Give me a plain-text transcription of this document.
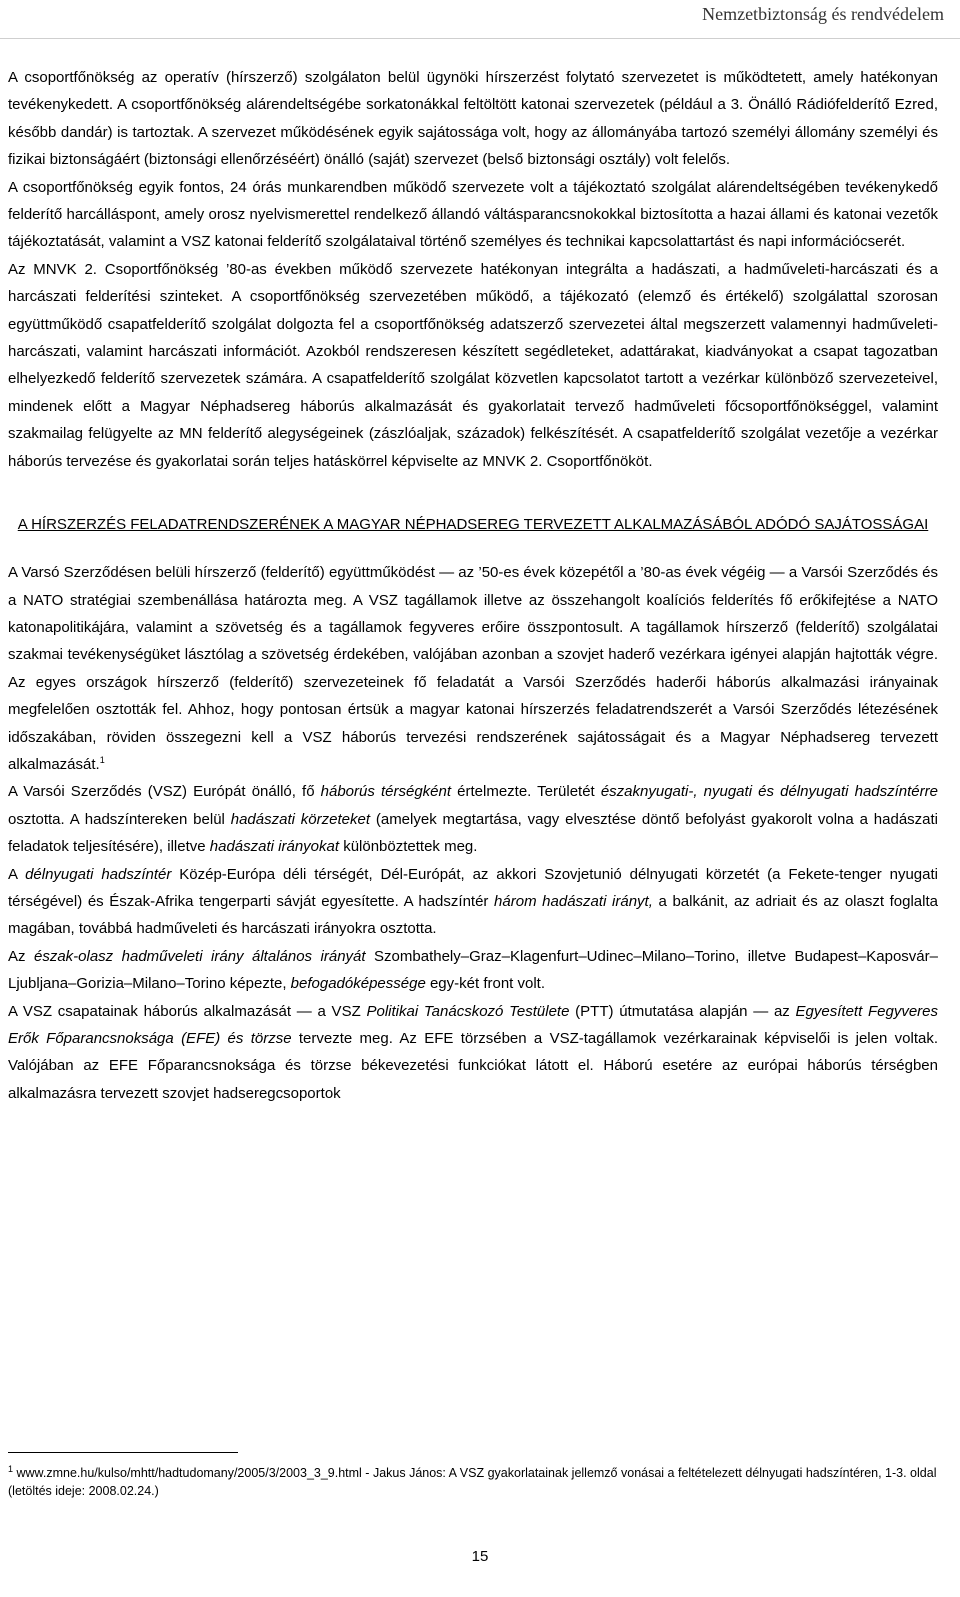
Nemzetbiztonság és rendvédelem

A csoportfőnökség az operatív (hírszerző) szolgálaton belül ügynöki hírszerzést folytató szervezetet is működtetett, amely hatékonyan tevékenykedett. A csoportfőnökség alárendeltségébe sorkatonákkal feltöltött katonai szervezetek (például a 3. Önálló Rádiófelderítő Ezred, később dandár) is tartoztak. A szervezet működésének egyik sajátossága volt, hogy az állományába tartozó személyi állomány személyi és fizikai biztonságáért (biztonsági ellenőrzéséért) önálló (saját) szervezet (belső biztonsági osztály) volt felelős.

A csoportfőnökség egyik fontos, 24 órás munkarendben működő szervezete volt a tájékoztató szolgálat alárendeltségében tevékenykedő felderítő harcálláspont, amely orosz nyelvismerettel rendelkező állandó váltásparancsnokokkal biztosította a hazai állami és katonai vezetők tájékoztatását, valamint a VSZ katonai felderítő szolgálataival történő személyes és technikai kapcsolattartást és napi információcserét.

Az MNVK 2. Csoportfőnökség ’80-as években működő szervezete hatékonyan integrálta a hadászati, a hadműveleti-harcászati és a harcászati felderítési szinteket. A csoportfőnökség szervezetében működő, a tájékozató (elemző és értékelő) szolgálattal szorosan együttműködő csapatfelderítő szolgálat dolgozta fel a csoportfőnökség adatszerző szervezetei által megszerzett valamennyi hadműveleti-harcászati, valamint harcászati információt. Azokból rendszeresen készített segédleteket, adattárakat, kiadványokat a csapat tagozatban elhelyezkedő felderítő szervezetek számára. A csapatfelderítő szolgálat közvetlen kapcsolatot tartott a vezérkar különböző szervezeteivel, mindenek előtt a Magyar Néphadsereg háborús alkalmazását és gyakorlatait tervező hadműveleti főcsoportfőnökséggel, valamint szakmailag felügyelte az MN felderítő alegységeinek (zászlóaljak, századok) felkészítését. A csapatfelderítő szolgálat vezetője a vezérkar háborús tervezése és gyakorlatai során teljes hatáskörrel képviselte az MNVK 2. Csoportfőnököt.

A HÍRSZERZÉS FELADATRENDSZERÉNEK A MAGYAR NÉPHADSEREG TERVEZETT ALKALMAZÁSÁBÓL ADÓDÓ SAJÁTOSSÁGAI

A Varsó Szerződésen belüli hírszerző (felderítő) együttműködést — az ’50-es évek közepétől a ’80-as évek végéig — a Varsói Szerződés és a NATO stratégiai szembenállása határozta meg. A VSZ tagállamok illetve az összehangolt koalíciós felderítés fő erőkifejtése a NATO katonapolitikájára, valamint a szövetség és a tagállamok fegyveres erőire összpontosult. A tagállamok hírszerző (felderítő) szolgálatai szakmai tevékenységüket lásztólag a szövetség érdekében, valójában azonban a szovjet haderő vezérkara igényei alapján hajtották végre. Az egyes országok hírszerző (felderítő) szervezeteinek fő feladatát a Varsói Szerződés haderői háborús alkalmazási irányainak megfelelően osztották fel. Ahhoz, hogy pontosan értsük a magyar katonai hírszerzés feladatrendszerét a Varsói Szerződés létezésének időszakában, röviden összegezni kell a VSZ háborús tervezési rendszerének sajátosságait és a Magyar Néphadsereg tervezett alkalmazását.$^1$

A Varsói Szerződés (VSZ) Európát önálló, fő háborús térségként értelmezte. Területét északnyugati-, nyugati és délnyugati hadszíntérre osztotta. A hadszíntereken belül hadászati körzeteket (amelyek megtartása, vagy elvesztése döntő befolyást gyakorolt volna a hadászati feladatok teljesítésére), illetve hadászati irányokat különböztettek meg.

A délnyugati hadszíntér Közép-Európa déli térségét, Dél-Európát, az akkori Szovjetunió délnyugati körzetét (a Fekete-tenger nyugati térségével) és Észak-Afrika tengerparti sávját egyesítette. A hadszíntér három hadászati irányt, a balkánit, az adriait és az olaszt foglalta magában, továbbá hadműveleti és harcászati irányokra osztotta.

Az észak-olasz hadműveleti irány általános irányát Szombathely–Graz–Klagenfurt–Udinec–Milano–Torino, illetve Budapest–Kaposvár–Ljubljana–Gorizia–Milano–Torino képezte, befogadóképessége egy-két front volt.

A VSZ csapatainak háborús alkalmazását — a VSZ Politikai Tanácskozó Testülete (PTT) útmutatása alapján — az Egyesített Fegyveres Erők Főparancsnoksága (EFE) és törzse tervezte meg. Az EFE törzsében a VSZ-tagállamok vezérkarainak képviselői is jelen voltak. Valójában az EFE Főparancsnoksága és törzse békevezetési funkciókat látott el. Háború esetére az európai háborús térségben alkalmazásra tervezett szovjet hadseregcsoportok

$^1$ www.zmne.hu/kulso/mhtt/hadtudomany/2005/3/2003_3_9.html - Jakus János: A VSZ gyakorlatainak jellemző vonásai a feltételezett délnyugati hadszíntéren, 1-3. oldal (letöltés ideje: 2008.02.24.)
15
